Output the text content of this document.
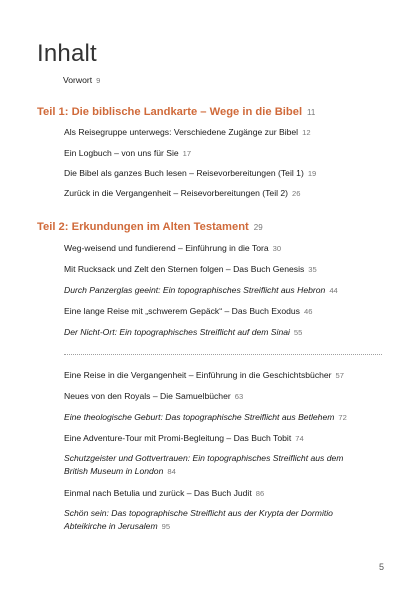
Inhalt
Vorwort 9
Teil 1: Die biblische Landkarte – Wege in die Bibel 11
Als Reisegruppe unterwegs: Verschiedene Zugänge zur Bibel 12
Ein Logbuch – von uns für Sie 17
Die Bibel als ganzes Buch lesen – Reisevorbereitungen (Teil 1) 19
Zurück in die Vergangenheit – Reisevorbereitungen (Teil 2) 26
Teil 2: Erkundungen im Alten Testament 29
Weg-weisend und fundierend – Einführung in die Tora 30
Mit Rucksack und Zelt den Sternen folgen – Das Buch Genesis 35
Durch Panzerglas geeint: Ein topographisches Streiflicht aus Hebron 44
Eine lange Reise mit „schwerem Gepäck“ – Das Buch Exodus 46
Der Nicht-Ort: Ein topographisches Streiflicht auf dem Sinai 55
Eine Reise in die Vergangenheit – Einführung in die Geschichtsbücher 57
Neues von den Royals – Die Samuelbücher 63
Eine theologische Geburt: Das topographische Streiflicht aus Betlehem 72
Eine Adventure-Tour mit Promi-Begleitung – Das Buch Tobit 74
Schutzgeister und Gottvertrauen: Ein topographisches Streiflicht aus dem
British Museum in London 84
Einmal nach Betulia und zurück – Das Buch Judit 86
Schön sein: Das topographische Streiflicht aus der Krypta der Dormitio
Abteikirche in Jerusalem 95
5
